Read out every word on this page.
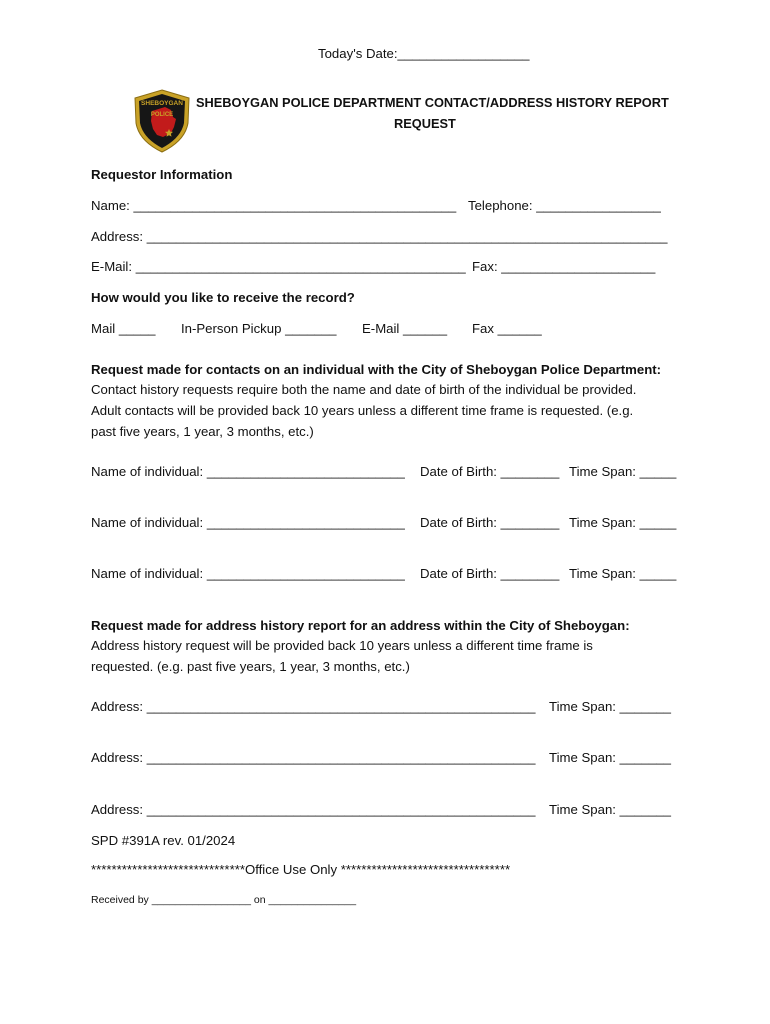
Today's Date:__________________
SHEBOYGAN
POLICE
SHEBOYGAN POLICE DEPARTMENT CONTACT/ADDRESS HISTORY REPORT
REQUEST
Requestor Information
Name: ____________________________________________ Telephone: _________________
Address: _______________________________________________________________________
E-Mail: _____________________________________________ Fax: _____________________
How would you like to receive the record?
Mail _____ In-Person Pickup _______ E-Mail ______ Fax ______
Request made for contacts on an individual with the City of Sheboygan Police Department:
Contact history requests require both the name and date of birth of the individual be provided.
Adult contacts will be provided back 10 years unless a different time frame is requested. (e.g.
past five years, 1 year, 3 months, etc.)
Name of individual: ___________________________ Date of Birth: ________ Time Span: _____
Name of individual: ___________________________ Date of Birth: ________ Time Span: _____
Name of individual: ___________________________ Date of Birth: ________ Time Span: _____
Request made for address history report for an address within the City of Sheboygan:
Address history request will be provided back 10 years unless a different time frame is
requested. (e.g. past five years, 1 year, 3 months, etc.)
Address: _____________________________________________________ Time Span: _______
Address: _____________________________________________________ Time Span: _______
Address: _____________________________________________________ Time Span: _______
SPD #391A rev. 01/2024
******************************Office Use Only *********************************
Received by _________________ on _______________
